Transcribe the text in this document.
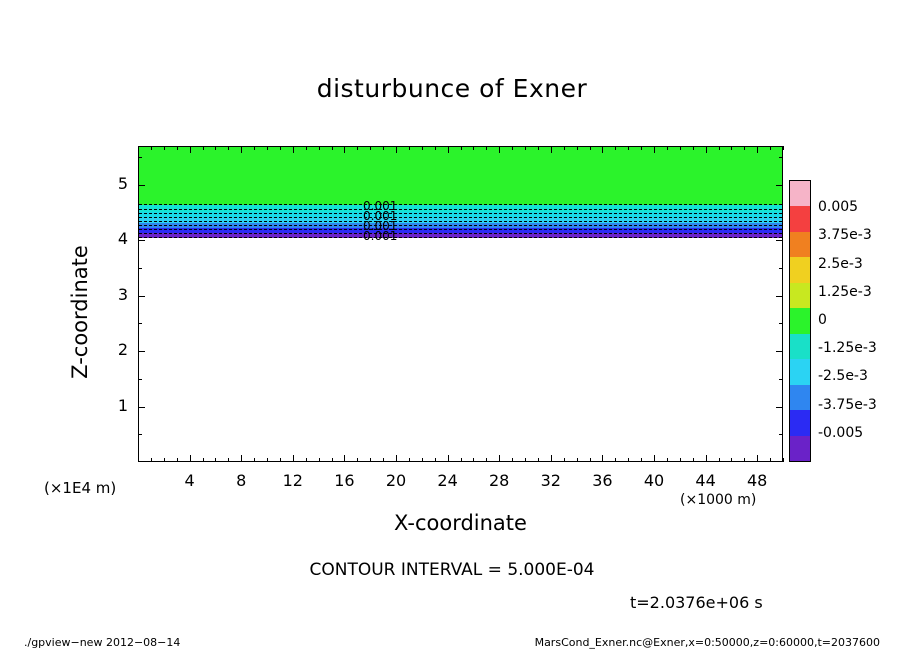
disturbunce of Exner
0.001
0.001
0.001
0.001
4	8	12	16	20	24	28	32	36	40	44	48
1
2
3
4
5
X-coordinate
Z-coordinate
(×1000 m)
(×1E4 m)
0.005
3.75e-3
2.5e-3
1.25e-3
0
-1.25e-3
-2.5e-3
-3.75e-3
-0.005
CONTOUR INTERVAL = 5.000E-04
t=2.0376e+06 s
./gpview−new 2012−08−14	MarsCond_Exner.nc@Exner,x=0:50000,z=0:60000,t=2037600
